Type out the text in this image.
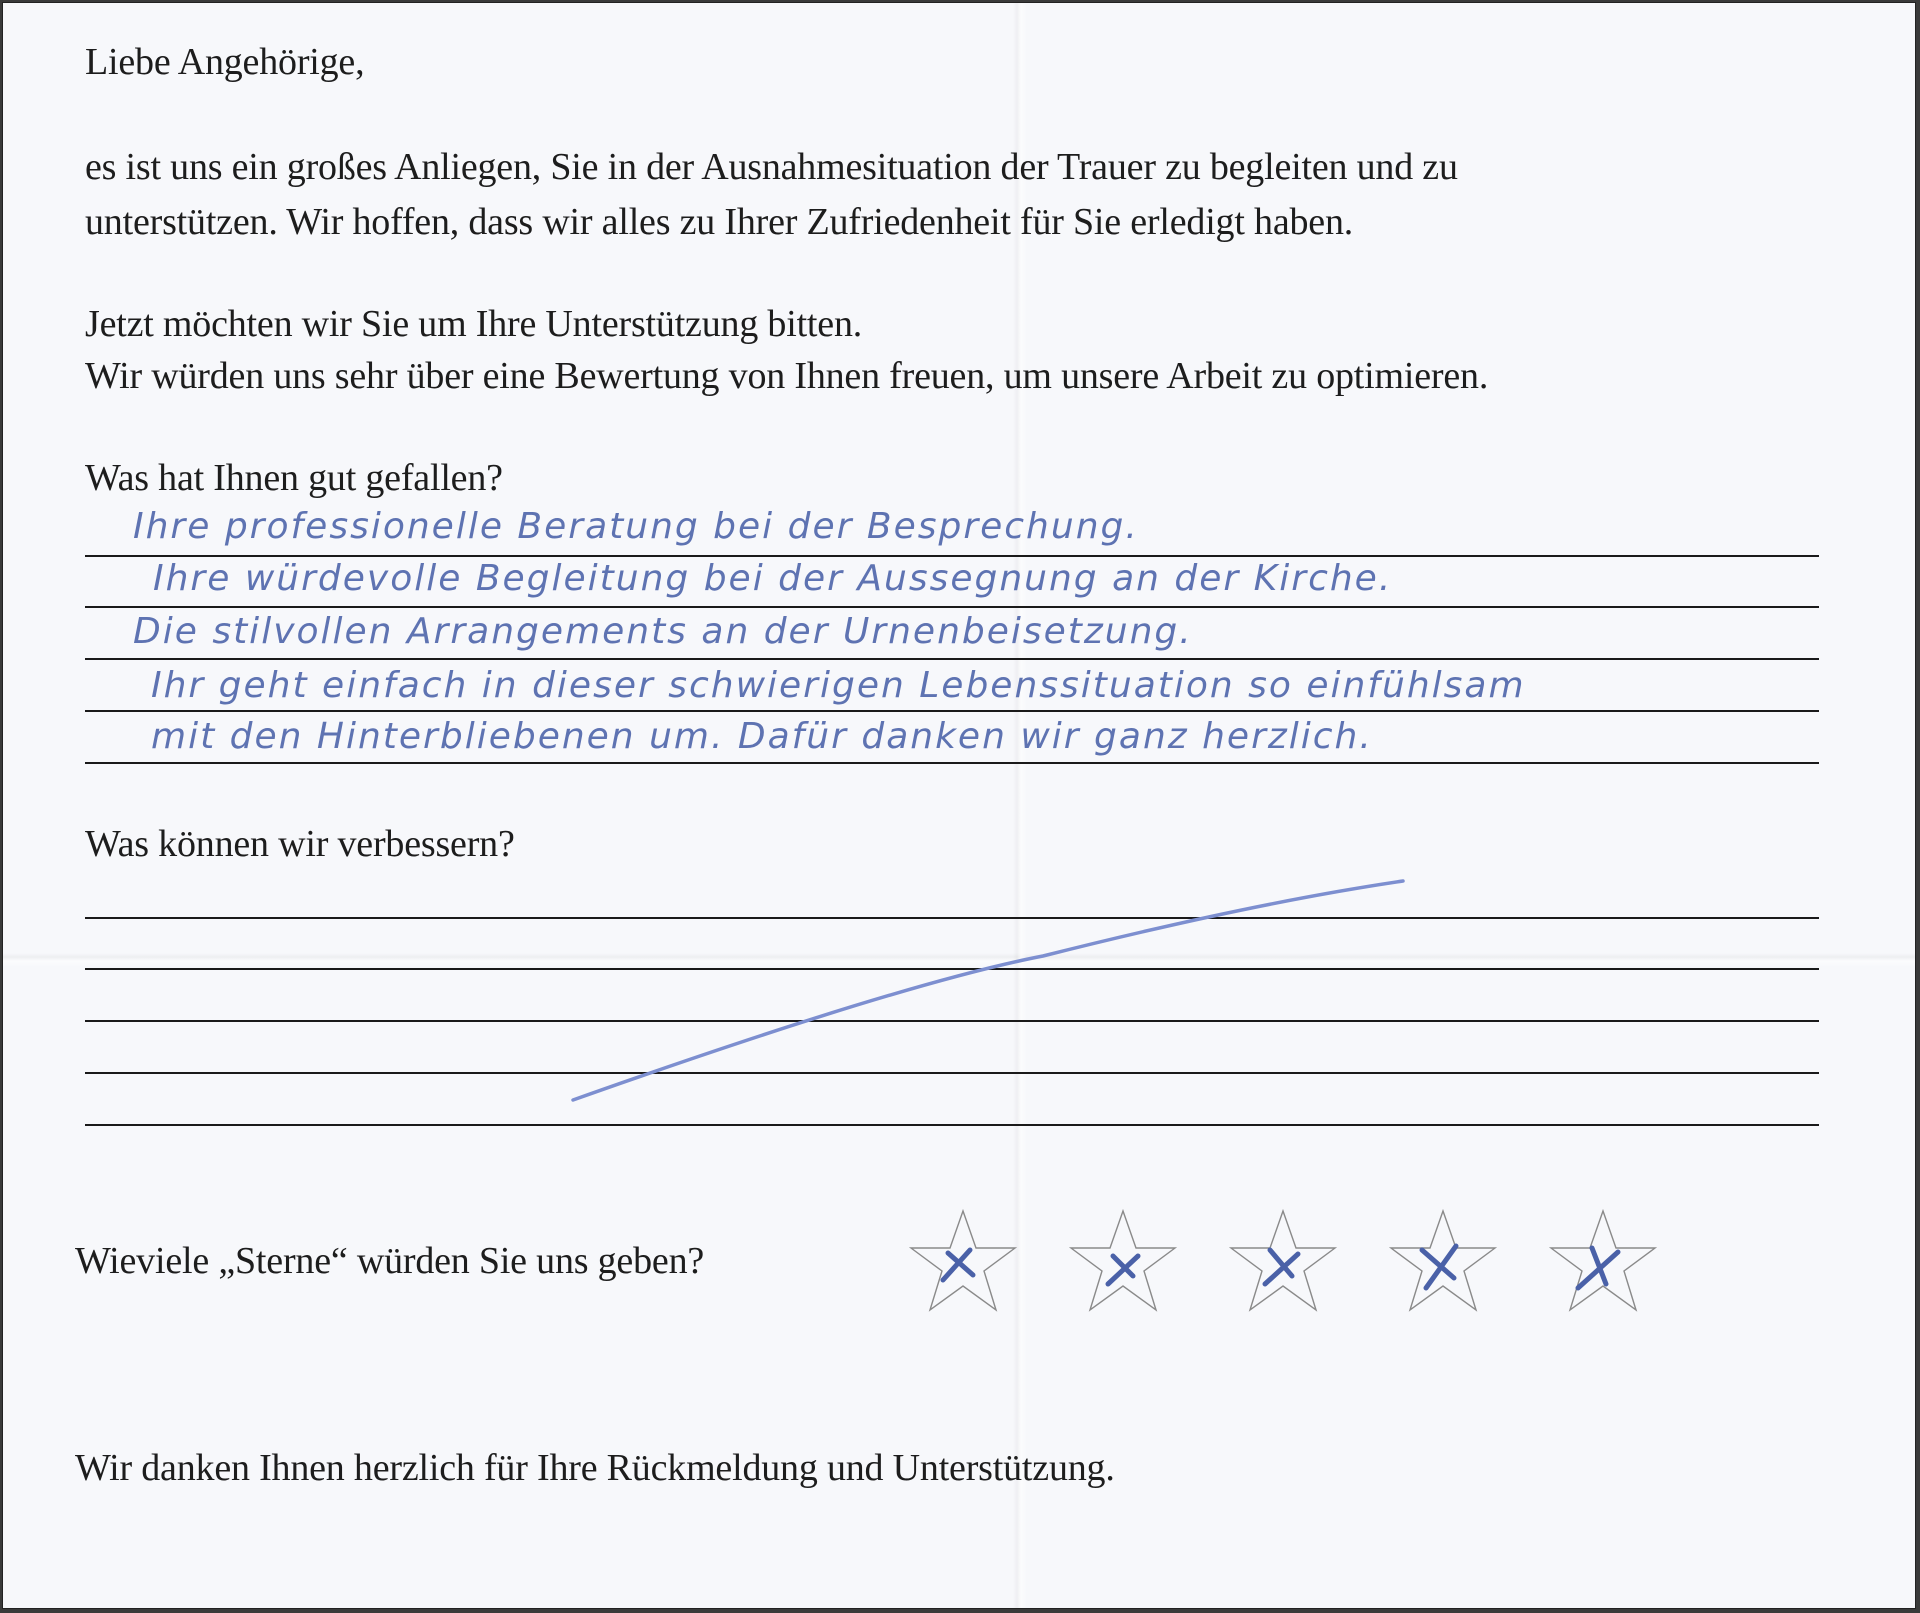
Liebe Angehörige,
es ist uns ein großes Anliegen, Sie in der Ausnahmesituation der Trauer zu begleiten und zu
unterstützen. Wir hoffen, dass wir alles zu Ihrer Zufriedenheit für Sie erledigt haben.
Jetzt möchten wir Sie um Ihre Unterstützung bitten.
Wir würden uns sehr über eine Bewertung von Ihnen freuen, um unsere Arbeit zu optimieren.
Was hat Ihnen gut gefallen?
Ihre professionelle Beratung bei der Besprechung.
Ihre würdevolle Begleitung bei der Aussegnung an der Kirche.
Die stilvollen Arrangements an der Urnenbeisetzung.
Ihr geht einfach in dieser schwierigen Lebenssituation so einfühlsam
mit den Hinterbliebenen um. Dafür danken wir ganz herzlich.
Was können wir verbessern?
Wieviele „Sterne“ würden Sie uns geben?
Wir danken Ihnen herzlich für Ihre Rückmeldung und Unterstützung.
